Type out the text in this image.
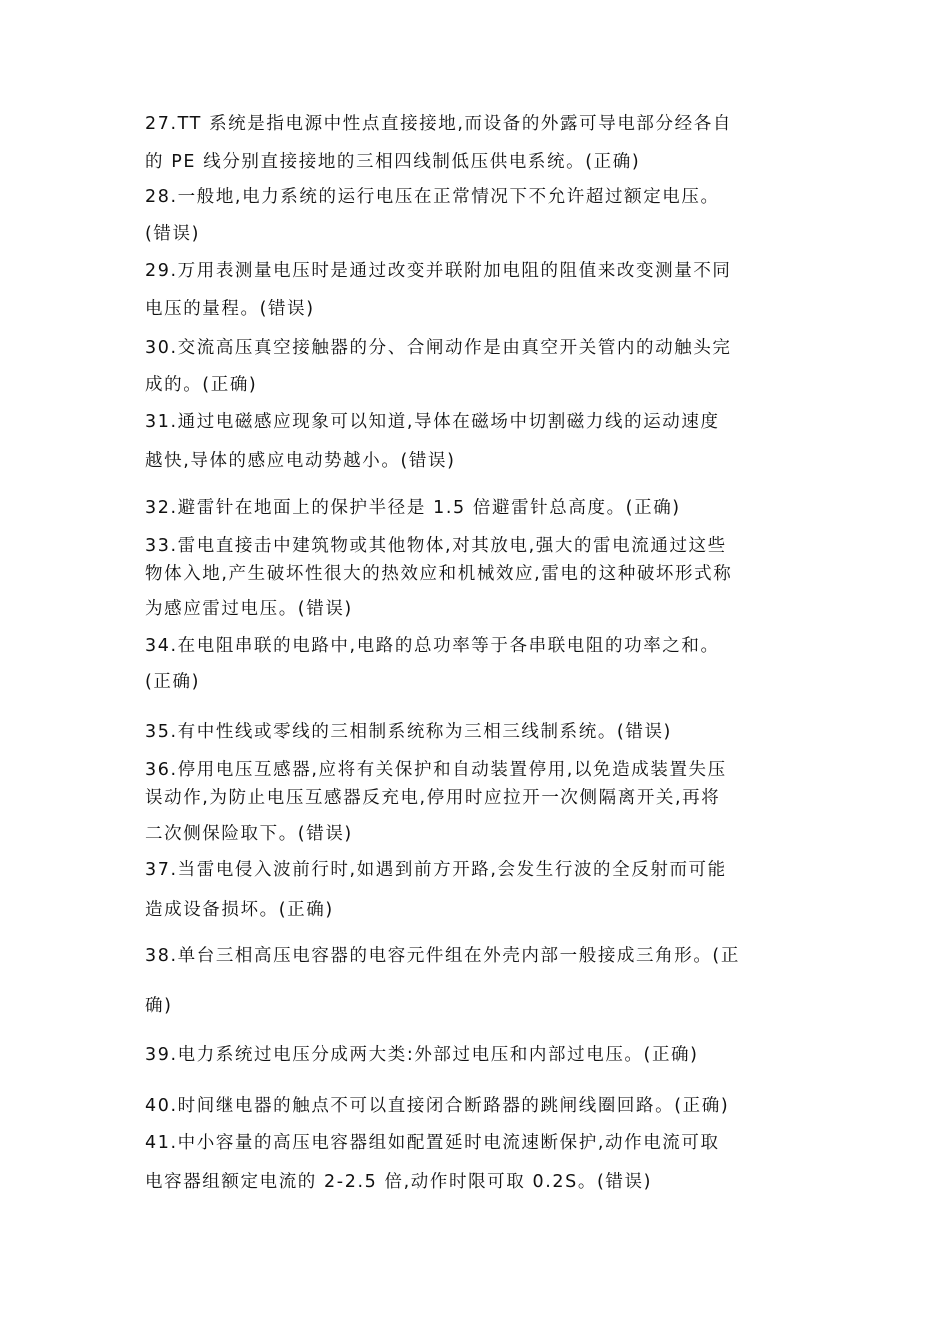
27.TT 系统是指电源中性点直接接地,而设备的外露可导电部分经各自
的 PE 线分别直接接地的三相四线制低压供电系统。(正确)
28.一般地,电力系统的运行电压在正常情况下不允许超过额定电压。
(错误)
29.万用表测量电压时是通过改变并联附加电阻的阻值来改变测量不同
电压的量程。(错误)
30.交流高压真空接触器的分、合闸动作是由真空开关管内的动触头完
成的。(正确)
31.通过电磁感应现象可以知道,导体在磁场中切割磁力线的运动速度
越快,导体的感应电动势越小。(错误)
32.避雷针在地面上的保护半径是 1.5 倍避雷针总高度。(正确)
33.雷电直接击中建筑物或其他物体,对其放电,强大的雷电流通过这些
物体入地,产生破坏性很大的热效应和机械效应,雷电的这种破坏形式称
为感应雷过电压。(错误)
34.在电阻串联的电路中,电路的总功率等于各串联电阻的功率之和。
(正确)
35.有中性线或零线的三相制系统称为三相三线制系统。(错误)
36.停用电压互感器,应将有关保护和自动装置停用,以免造成装置失压
误动作,为防止电压互感器反充电,停用时应拉开一次侧隔离开关,再将
二次侧保险取下。(错误)
37.当雷电侵入波前行时,如遇到前方开路,会发生行波的全反射而可能
造成设备损坏。(正确)
38.单台三相高压电容器的电容元件组在外壳内部一般接成三角形。(正
确)
39.电力系统过电压分成两大类:外部过电压和内部过电压。(正确)
40.时间继电器的触点不可以直接闭合断路器的跳闸线圈回路。(正确)
41.中小容量的高压电容器组如配置延时电流速断保护,动作电流可取
电容器组额定电流的 2-2.5 倍,动作时限可取 0.2S。(错误)
